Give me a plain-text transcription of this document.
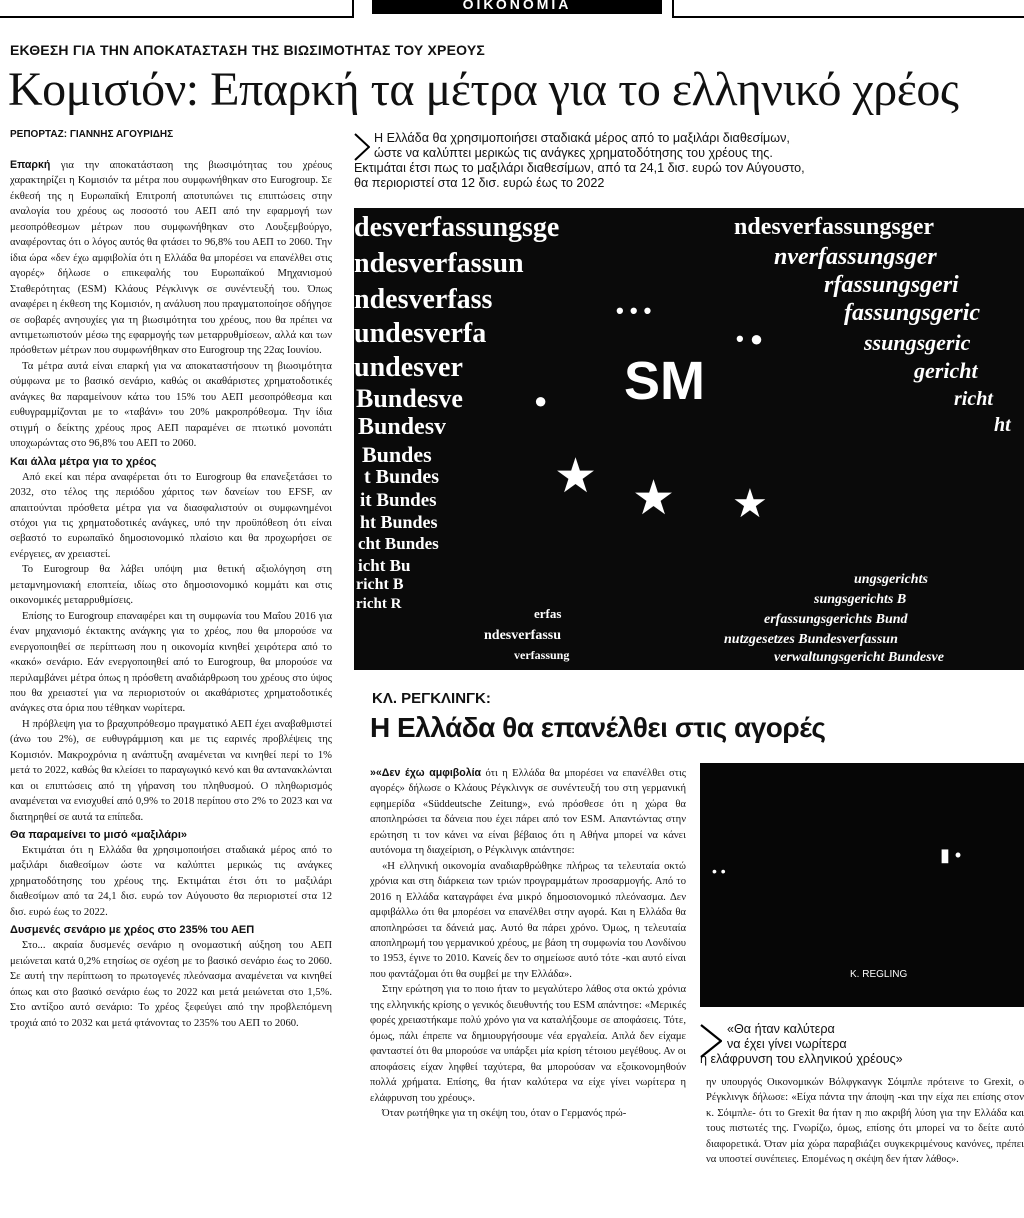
ΟΙΚΟΝΟΜΙΑ
ΕΚΘΕΣΗ ΓΙΑ ΤΗΝ ΑΠΟΚΑΤΑΣΤΑΣΗ ΤΗΣ ΒΙΩΣΙΜΟΤΗΤΑΣ ΤΟΥ ΧΡΕΟΥΣ
Κομισιόν: Επαρκή τα μέτρα για το ελληνικό χρέος
ΡΕΠΟΡΤΑΖ: ΓΙΑΝΝΗΣ ΑΓΟΥΡΙΔΗΣ

Επαρκή για την αποκατάσταση της βιωσιμότητας του χρέους χαρακτηρίζει η Κομισιόν τα μέτρα που συμφωνήθηκαν στο Eurogroup. Σε έκθεσή της η Ευρωπαϊκή Επιτροπή αποτυπώνει τις επιπτώσεις στην αναλογία του χρέους ως ποσοστό του ΑΕΠ από την εφαρμογή των μεσοπρόθεσμων μέτρων που συμφωνήθηκαν στο Λουξεμβούργο, αναφέροντας ότι ο λόγος αυτός θα φτάσει το 96,8% του ΑΕΠ το 2060. Την ίδια ώρα «δεν έχω αμφιβολία ότι η Ελλάδα θα μπορέσει να επανέλθει στις αγορές» δήλωσε ο επικεφαλής του Ευρωπαϊκού Μηχανισμού Σταθερότητας (ESM) Κλάους Ρέγκλινγκ σε συνέντευξή του. Όπως αναφέρει η έκθεση της Κομισιόν, η ανάλυση που πραγματοποίησε οδήγησε σε σοβαρές ανησυχίες για τη βιωσιμότητα του χρέους, που θα πρέπει να αντιμετωπιστούν μέσω της εφαρμογής των μεταρρυθμίσεων, αλλά και των πρόσθετων μέτρων που συμφωνήθηκαν στο Eurogroup της 22ας Ιουνίου.

Τα μέτρα αυτά είναι επαρκή για να αποκαταστήσουν τη βιωσιμότητα σύμφωνα με το βασικό σενάριο, καθώς οι ακαθάριστες χρηματοδοτικές ανάγκες θα παραμείνουν κάτω του 15% του ΑΕΠ μεσοπρόθεσμα και ευθυγραμμίζονται με το «ταβάνι» του 20% μακροπρόθεσμα. Την ίδια στιγμή ο δείκτης χρέους προς ΑΕΠ παραμένει σε πτωτικό μονοπάτι υποχωρώντας στο 96,8% του ΑΕΠ το 2060.

Και άλλα μέτρα για το χρέος

Από εκεί και πέρα αναφέρεται ότι το Eurogroup θα επανεξετάσει το 2032, στο τέλος της περιόδου χάριτος των δανείων του EFSF, αν απαιτούνται πρόσθετα μέτρα για να διασφαλιστούν οι συμφωνημένοι στόχοι για τις χρηματοδοτικές ανάγκες, υπό την προϋπόθεση ότι είναι σεβαστό το ευρωπαϊκό δημοσιονομικό πλαίσιο και θα προχωρήσει σε ενέργειες, αν χρειαστεί.

Το Eurogroup θα λάβει υπόψη μια θετική αξιολόγηση στη μεταμνημονιακή εποπτεία, ιδίως στο δημοσιονομικό κομμάτι και στις οικονομικές μεταρρυθμίσεις.

Επίσης το Eurogroup επαναφέρει και τη συμφωνία του Μαΐου 2016 για έναν μηχανισμό έκτακτης ανάγκης για το χρέος, που θα μπορούσε να ενεργοποιηθεί σε περίπτωση που η οικονομία κινηθεί χειρότερα από το «κακό» σενάριο. Εάν ενεργοποιηθεί από το Eurogroup, θα μπορούσε να περιλαμβάνει μέτρα όπως η πρόσθετη αναδιάρθρωση του χρέους στο ύψος που θα χρειαστεί για να περιοριστούν οι ακαθάριστες χρηματοδοτικές ανάγκες στα όρια που τέθηκαν νωρίτερα.

Η πρόβλεψη για το βραχυπρόθεσμο πραγματικό ΑΕΠ έχει αναβαθμιστεί (άνω του 2%), σε ευθυγράμμιση και με τις εαρινές προβλέψεις της Κομισιόν. Μακροχρόνια η ανάπτυξη αναμένεται να κινηθεί περί το 1% μετά το 2022, καθώς θα κλείσει το παραγωγικό κενό και θα αντανακλώνται και οι επιπτώσεις από τη γήρανση του πληθυσμού. Ο πληθωρισμός αναμένεται να ενισχυθεί από 0,9% το 2018 περίπου στο 2% το 2023 και να διατηρηθεί σε αυτά τα επίπεδα.

Θα παραμείνει το μισό «μαξιλάρι»

Εκτιμάται ότι η Ελλάδα θα χρησιμοποιήσει σταδιακά μέρος από το μαξιλάρι διαθεσίμων ώστε να καλύπτει μερικώς τις ανάγκες χρηματοδότησης του χρέους της. Εκτιμάται έτσι ότι το μαξιλάρι διαθεσίμων από τα 24,1 δισ. ευρώ τον Αύγουστο θα περιοριστεί στα 12 δισ. ευρώ έως το 2022.

Δυσμενές σενάριο με χρέος στο 235% του ΑΕΠ

Στο... ακραία δυσμενές σενάριο η ονομαστική αύξηση του ΑΕΠ μειώνεται κατά 0,2% ετησίως σε σχέση με το βασικό σενάριο έως το 2060. Σε αυτή την περίπτωση το πρωτογενές πλεόνασμα αναμένεται να κινηθεί όπως και στο βασικό σενάριο έως το 2022 και μετά μειώνεται στο 1,5%. Στο αντίξοο αυτό σενάριο: Το χρέος ξεφεύγει από την προβλεπόμενη τροχιά από το 2032 και μετά φτάνοντας το 235% του ΑΕΠ το 2060.

Η Ελλάδα θα χρησιμοποιήσει σταδιακά μέρος από το μαξιλάρι διαθεσίμων,
ώστε να καλύπτει μερικώς τις ανάγκες χρηματοδότησης του χρέους της.
Εκτιμάται έτσι πως το μαξιλάρι διαθεσίμων, από τα 24,1 δισ. ευρώ τον Αύγουστο,
θα περιοριστεί στα 12 δισ. ευρώ έως το 2022
desverfassungsge	ndesverfassungsger
ndesverfassun	nverfassungsger
ndesverfass	rfassungsgeri
undesverfa
fassungsgeric
undesver
ssungsgeric
Bundesve
gericht
Bundesv
richt
Bundes
ht
t Bundes
it Bundes
ht Bundes
cht Bundes
icht Bu
richt B
richt R
erfas
ndesverfassu
verfassung
ungsgerichts
sungsgerichts B
erfassungsgerichts Bund
nutzgesetzes Bundesverfassun
verwaltungsgericht Bundesve
SM
★ ★ ★
• • •
• ●
●
ΚΛ. ΡΕΓΚΛΙΝΓΚ:
Η Ελλάδα θα επανέλθει στις αγορές

»«Δεν έχω αμφιβολία ότι η Ελλάδα θα μπορέσει να επανέλθει στις αγορές» δήλωσε ο Κλάους Ρέγκλινγκ σε συνέντευξή του στη γερμανική εφημερίδα «Süddeutsche Zeitung», ενώ πρόσθεσε ότι η χώρα θα αποπληρώσει τα δάνεια που έχει πάρει από τον ESM. Απαντώντας στην ερώτηση τι τον κάνει να είναι βέβαιος ότι η Αθήνα μπορεί να κάνει αυτόνομα τη διαχείριση, ο Ρέγκλινγκ απάντησε:

«Η ελληνική οικονομία αναδιαρθρώθηκε πλήρως τα τελευταία οκτώ χρόνια και στη διάρκεια των τριών προγραμμάτων προσαρμογής. Από το 2016 η Ελλάδα καταγράφει ένα μικρό δημοσιονομικό πλεόνασμα. Δεν αμφιβάλλω ότι θα μπορέσει να επανέλθει στην αγορά. Και η Ελλάδα θα αποπληρώσει τα δάνειά μας. Αυτό θα πάρει χρόνο. Όμως, η τελευταία αποπληρωμή του γερμανικού χρέους, με βάση τη συμφωνία του Λονδίνου το 1953, έγινε το 2010. Κανείς δεν το σημείωσε αυτό τότε -και αυτό είναι που φαντάζομαι ότι θα συμβεί με την Ελλάδα».

Στην ερώτηση για το ποιο ήταν το μεγαλύτερο λάθος στα οκτώ χρόνια της ελληνικής κρίσης ο γενικός διευθυντής του ESM απάντησε: «Μερικές φορές χρειαστήκαμε πολύ χρόνο για να καταλήξουμε σε αποφάσεις. Τότε, όμως, πάλι έπρεπε να δημιουργήσουμε νέα εργαλεία. Απλά δεν είχαμε φανταστεί ότι θα μπορούσε να υπάρξει μία κρίση τέτοιου μεγέθους. Αν οι αποφάσεις είχαν ληφθεί ταχύτερα, θα μπορούσαν να εξοικονομηθούν πολλά χρήματα. Επίσης, θα ήταν καλύτερα να είχε γίνει νωρίτερα η ελάφρυνση του χρέους».

Όταν ρωτήθηκε για τη σκέψη του, όταν ο Γερμανός πρώ-

K. REGLING
• •
▮ •
«Θα ήταν καλύτερα
να έχει γίνει νωρίτερα
η ελάφρυνση του ελληνικού χρέους»

ην υπουργός Οικονομικών Βόλφγκανγκ Σόιμπλε πρότεινε το Grexit, ο Ρέγκλινγκ δήλωσε: «Είχα πάντα την άποψη -και την είχα πει επίσης στον κ. Σόιμπλε- ότι το Grexit θα ήταν η πιο ακριβή λύση για την Ελλάδα και τους πιστωτές της. Γνωρίζω, όμως, επίσης ότι μπορεί να το δείτε αυτό διαφορετικά. Όταν μία χώρα παραβιάζει συγκεκριμένους κανόνες, πρέπει να υποστεί συνέπειες. Επομένως η σκέψη δεν ήταν λάθος».
